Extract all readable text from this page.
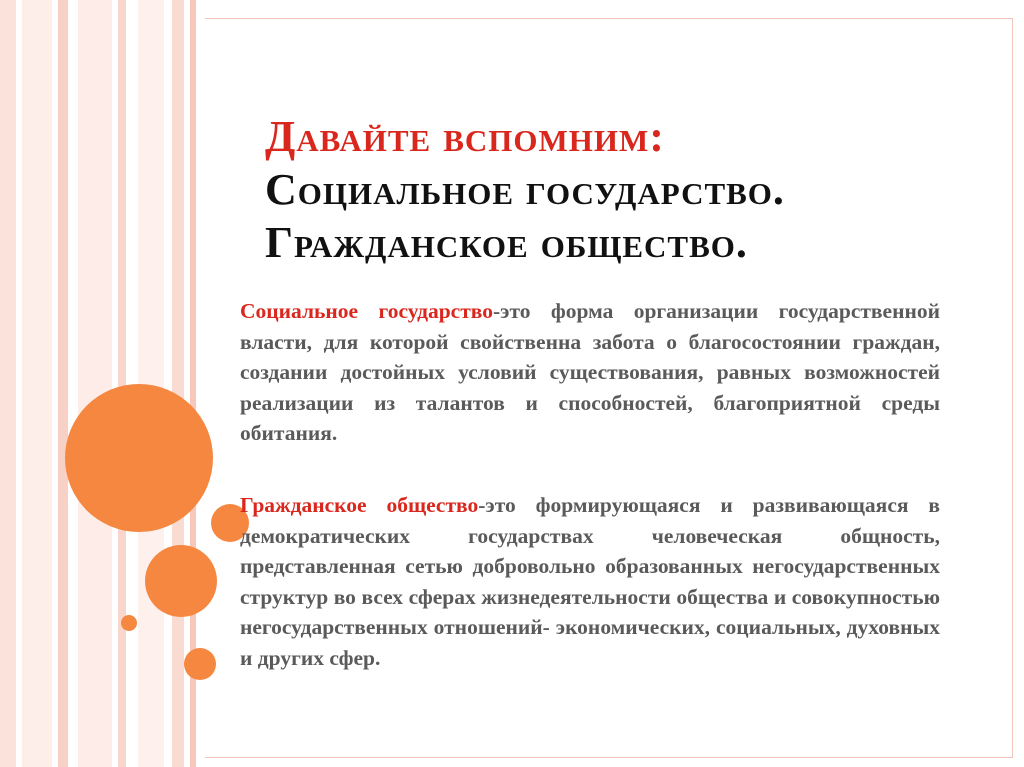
Давайте вспомним:
Социальное государство.
Гражданское общество.
Социальное государство-это форма организации государственной власти, для которой свойственна забота о благосостоянии граждан, создании достойных условий существования, равных возможностей реализации из талантов и способностей, благоприятной среды обитания.
Гражданское общество-это формирующаяся и развивающаяся в демократических государствах человеческая общность, представленная сетью добровольно образованных негосударственных структур во всех сферах жизнедеятельности общества и совокупностью негосударственных отношений- экономических, социальных, духовных и других сфер.
